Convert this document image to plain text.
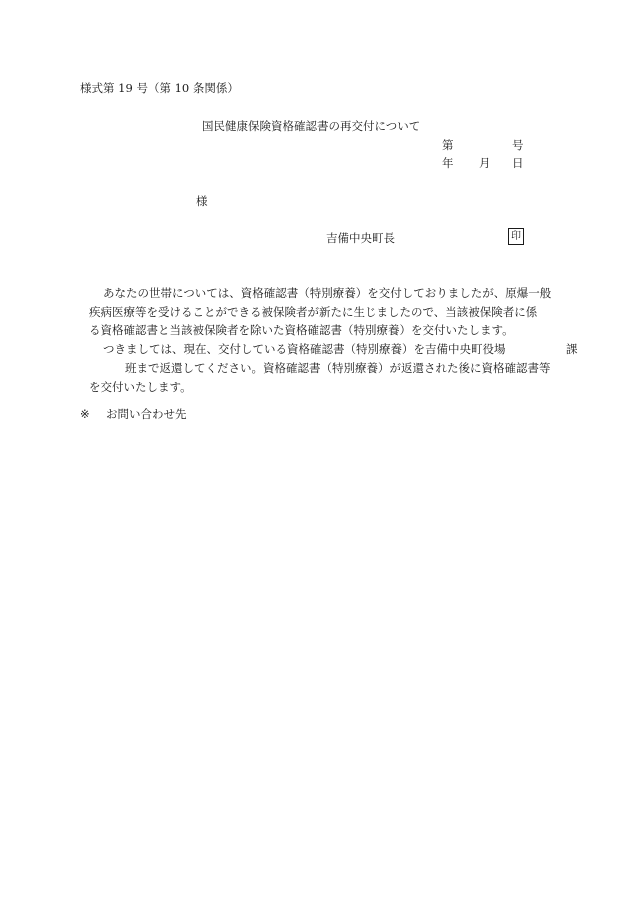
様式第 19 号（第 10 条関係）
国民健康保険資格確認書の再交付について
第	号
年 月 日
様
吉備中央町長	印
あなたの世帯については、資格確認書（特別療養）を交付しておりましたが、原爆一般
疾病医療等を受けることができる被保険者が新たに生じましたので、当該被保険者に係
る資格確認書と当該被保険者を除いた資格確認書（特別療養）を交付いたします。
つきましては、現在、交付している資格確認書（特別療養）を吉備中央町役場	課
班まで返還してください。資格確認書（特別療養）が返還された後に資格確認書等
を交付いたします。
※ お問い合わせ先
